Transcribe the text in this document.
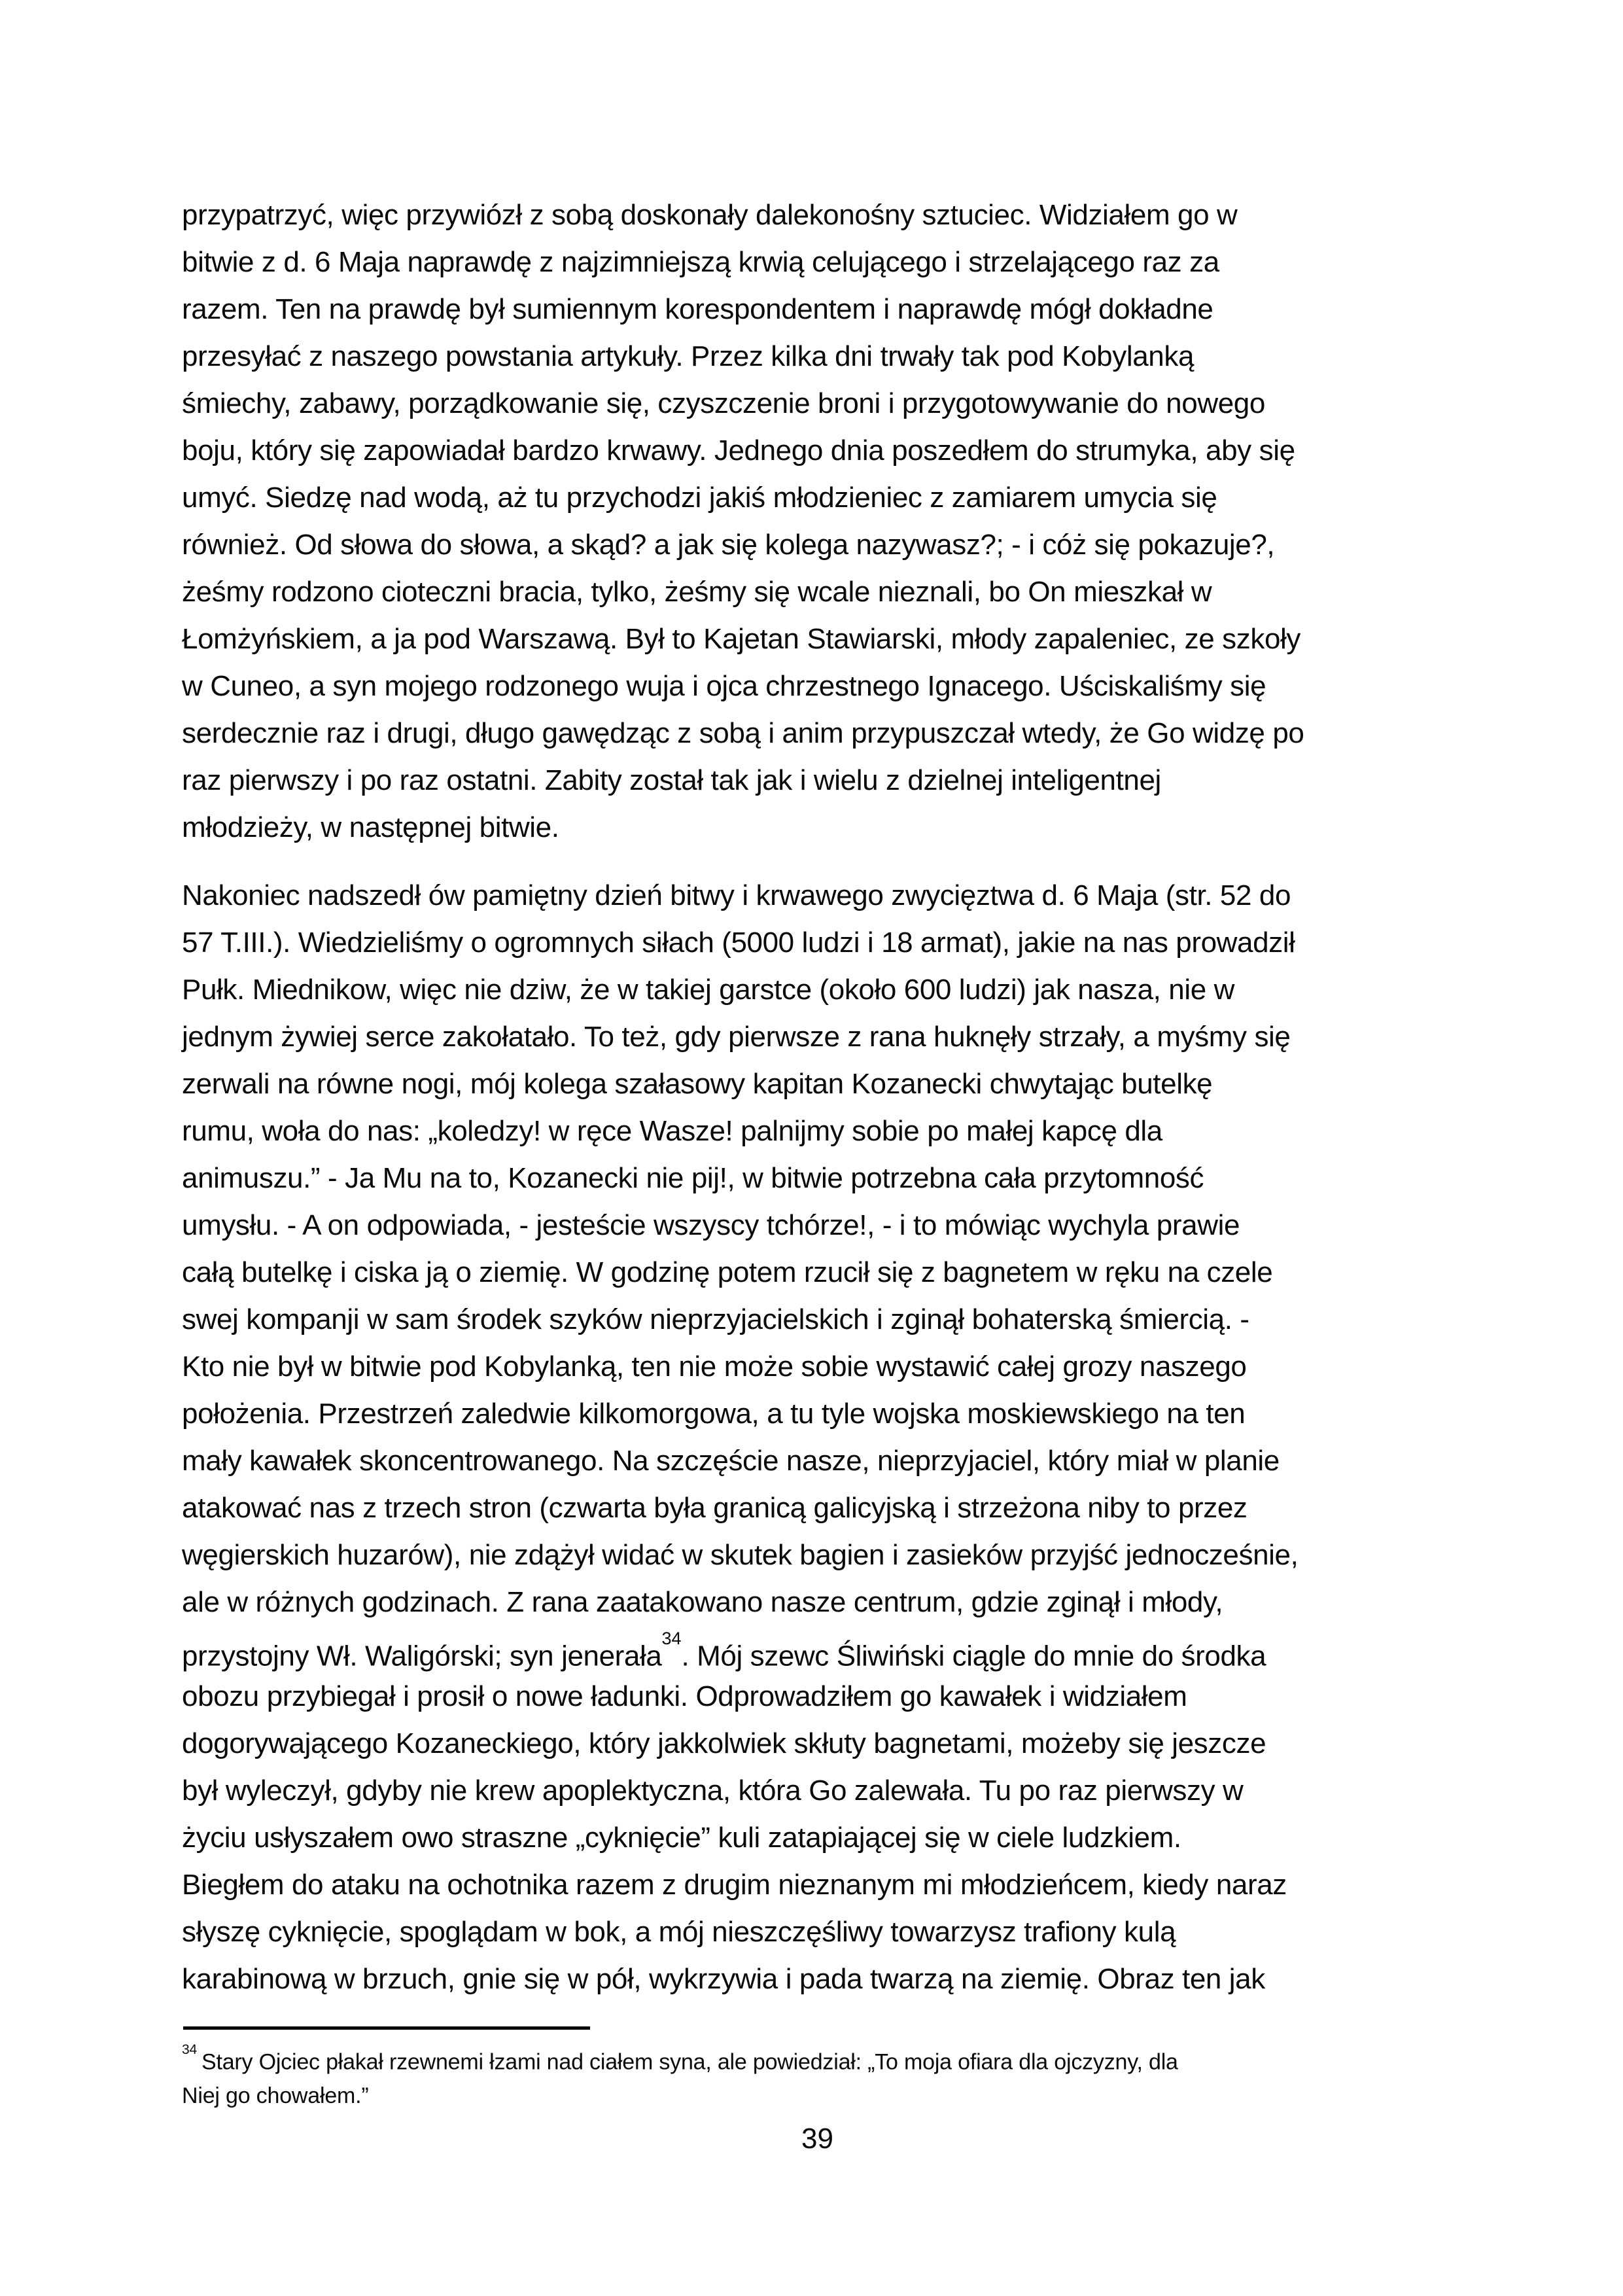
przypatrzyć, więc przywiózł z sobą doskonały dalekonośny sztuciec. Widziałem go w
bitwie z d. 6 Maja naprawdę z najzimniejszą krwią celującego i strzelającego raz za
razem. Ten na prawdę był sumiennym korespondentem i naprawdę mógł dokładne
przesyłać z naszego powstania artykuły. Przez kilka dni trwały tak pod Kobylanką
śmiechy, zabawy, porządkowanie się, czyszczenie broni i przygotowywanie do nowego
boju, który się zapowiadał bardzo krwawy. Jednego dnia poszedłem do strumyka, aby się
umyć. Siedzę nad wodą, aż tu przychodzi jakiś młodzieniec z zamiarem umycia się
również. Od słowa do słowa, a skąd? a jak się kolega nazywasz?; - i cóż się pokazuje?,
żeśmy rodzono cioteczni bracia, tylko, żeśmy się wcale nieznali, bo On mieszkał w
Łomżyńskiem, a ja pod Warszawą. Był to Kajetan Stawiarski, młody zapaleniec, ze szkoły
w Cuneo, a syn mojego rodzonego wuja i ojca chrzestnego Ignacego. Uściskaliśmy się
serdecznie raz i drugi, długo gawędząc z sobą i anim przypuszczał wtedy, że Go widzę po
raz pierwszy i po raz ostatni. Zabity został tak jak i wielu z dzielnej inteligentnej
młodzieży, w następnej bitwie.
Nakoniec nadszedł ów pamiętny dzień bitwy i krwawego zwycięztwa d. 6 Maja (str. 52 do
57 T.III.). Wiedzieliśmy o ogromnych siłach (5000 ludzi i 18 armat), jakie na nas prowadził
Pułk. Miednikow, więc nie dziw, że w takiej garstce (około 600 ludzi) jak nasza, nie w
jednym żywiej serce zakołatało. To też, gdy pierwsze z rana huknęły strzały, a myśmy się
zerwali na równe nogi, mój kolega szałasowy kapitan Kozanecki chwytając butelkę
rumu, woła do nas: „koledzy! w ręce Wasze! palnijmy sobie po małej kapcę dla
animuszu.” - Ja Mu na to, Kozanecki nie pij!, w bitwie potrzebna cała przytomność
umysłu. - A on odpowiada, - jesteście wszyscy tchórze!, - i to mówiąc wychyla prawie
całą butelkę i ciska ją o ziemię. W godzinę potem rzucił się z bagnetem w ręku na czele
swej kompanji w sam środek szyków nieprzyjacielskich i zginął bohaterską śmiercią. -
Kto nie był w bitwie pod Kobylanką, ten nie może sobie wystawić całej grozy naszego
położenia. Przestrzeń zaledwie kilkomorgowa, a tu tyle wojska moskiewskiego na ten
mały kawałek skoncentrowanego. Na szczęście nasze, nieprzyjaciel, który miał w planie
atakować nas z trzech stron (czwarta była granicą galicyjską i strzeżona niby to przez
węgierskich huzarów), nie zdążył widać w skutek bagien i zasieków przyjść jednocześnie,
ale w różnych godzinach. Z rana zaatakowano nasze centrum, gdzie zginął i młody,
przystojny Wł. Waligórski; syn jenerała$^{34}$. Mój szewc Śliwiński ciągle do mnie do środka
obozu przybiegał i prosił o nowe ładunki. Odprowadziłem go kawałek i widziałem
dogorywającego Kozaneckiego, który jakkolwiek skłuty bagnetami, możeby się jeszcze
był wyleczył, gdyby nie krew apoplektyczna, która Go zalewała. Tu po raz pierwszy w
życiu usłyszałem owo straszne „cyknięcie” kuli zatapiającej się w ciele ludzkiem.
Biegłem do ataku na ochotnika razem z drugim nieznanym mi młodzieńcem, kiedy naraz
słyszę cyknięcie, spoglądam w bok, a mój nieszczęśliwy towarzysz trafiony kulą
karabinową w brzuch, gnie się w pół, wykrzywia i pada twarzą na ziemię. Obraz ten jak
$^{34}$ Stary Ojciec płakał rzewnemi łzami nad ciałem syna, ale powiedział: „To moja ofiara dla ojczyzny, dla
Niej go chowałem.”
39
